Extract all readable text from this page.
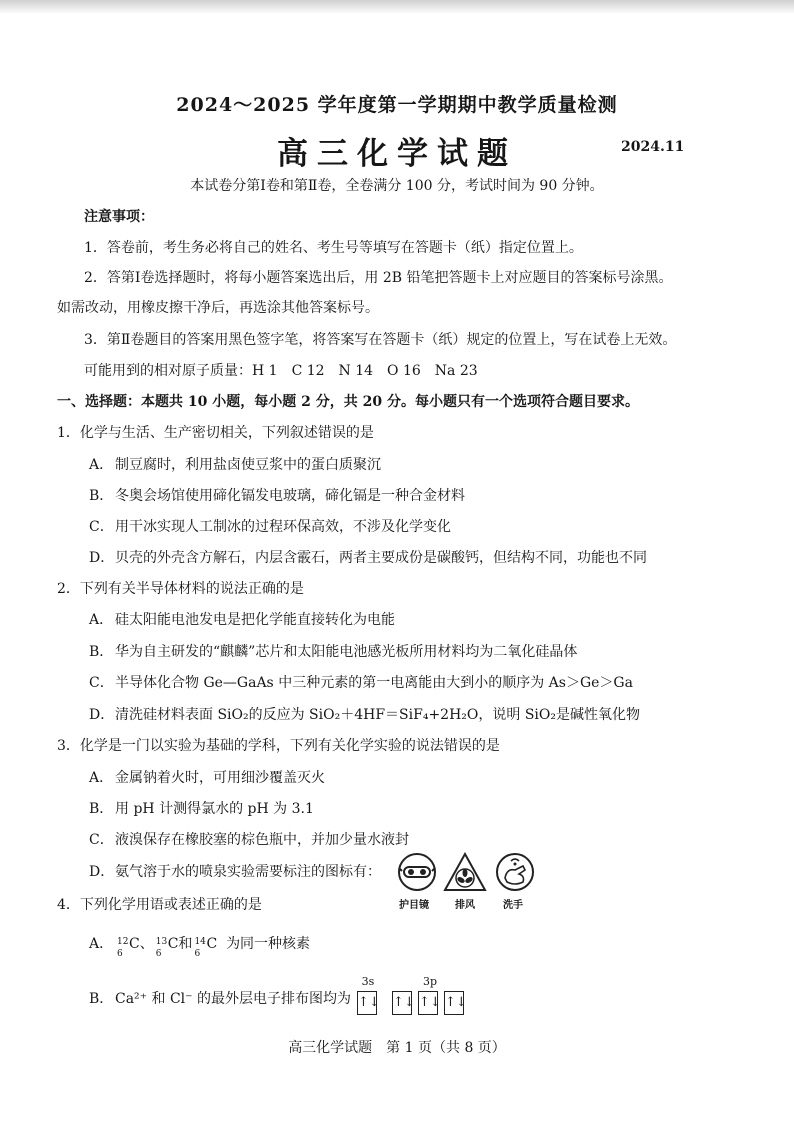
2024～2025 学年度第一学期期中教学质量检测
高三化学试题	2024.11
本试卷分第Ⅰ卷和第Ⅱ卷，全卷满分 100 分，考试时间为 90 分钟。
注意事项：
1．答卷前，考生务必将自己的姓名、考生号等填写在答题卡（纸）指定位置上。
2．答第Ⅰ卷选择题时，将每小题答案选出后，用 2B 铅笔把答题卡上对应题目的答案标号涂黑。
如需改动，用橡皮擦干净后，再选涂其他答案标号。
3．第Ⅱ卷题目的答案用黑色签字笔，将答案写在答题卡（纸）规定的位置上，写在试卷上无效。
可能用到的相对原子质量：H 1　C 12　N 14　O 16　Na 23
一、选择题：本题共 10 小题，每小题 2 分，共 20 分。每小题只有一个选项符合题目要求。
1．化学与生活、生产密切相关，下列叙述错误的是
A． 制豆腐时，利用盐卤使豆浆中的蛋白质聚沉
B． 冬奥会场馆使用碲化镉发电玻璃，碲化镉是一种合金材料
C．用干冰实现人工制冰的过程环保高效，不涉及化学变化
D．贝壳的外壳含方解石，内层含霰石，两者主要成份是碳酸钙，但结构不同，功能也不同
2．下列有关半导体材料的说法正确的是
A． 硅太阳能电池发电是把化学能直接转化为电能
B． 华为自主研发的“麒麟”芯片和太阳能电池感光板所用材料均为二氧化硅晶体
C．半导体化合物 Ge—GaAs 中三种元素的第一电离能由大到小的顺序为 As＞Ge＞Ga
D．清洗硅材料表面 SiO₂的反应为 SiO₂＋4HF＝SiF₄+2H₂O，说明 SiO₂是碱性氧化物
3．化学是一门以实验为基础的学科，下列有关化学实验的说法错误的是
A． 金属钠着火时，可用细沙覆盖灭火
B． 用 pH 计测得氯水的 pH 为 3.1
C．液溴保存在橡胶塞的棕色瓶中，并加少量水液封
D．氨气溶于水的喷泉实验需要标注的图标有：
护目镜	排风	洗手
4．下列化学用语或表述正确的是
A． 12
6
C、 13
6
C和 14
6
C 为同一种核素
B． Ca²⁺ 和 Cl⁻ 的最外层电子排布图均为
3s
↑↓
3p
↑↓ ↑↓ ↑↓
高三化学试题　第 1 页（共 8 页）
